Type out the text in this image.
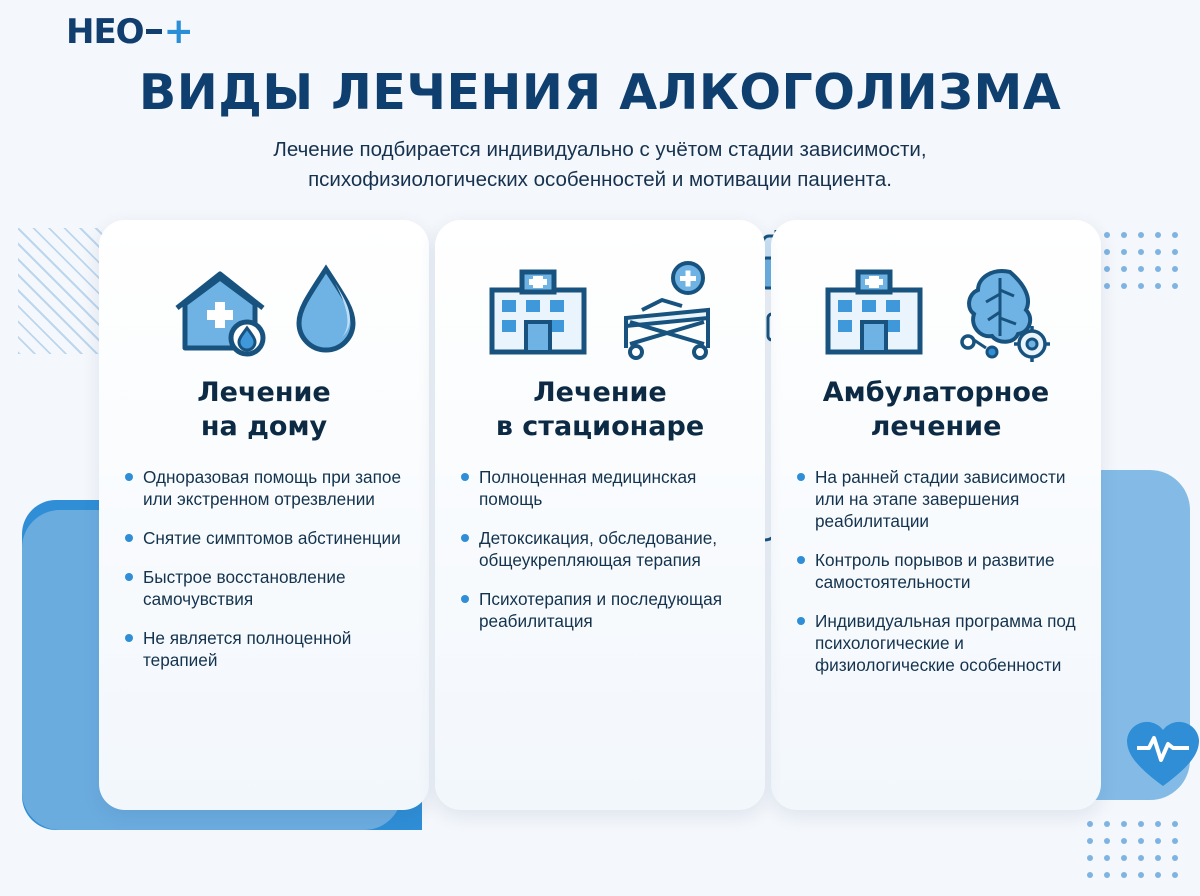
НЕО +
ВИДЫ ЛЕЧЕНИЯ АЛКОГОЛИЗМА
Лечение подбирается индивидуально с учётом стадии зависимости,
психофизиологических особенностей и мотивации пациента.
Лечение
на дому
Одноразовая помощь при запое или экстренном отрезвлении
Снятие симптомов абстиненции
Быстрое восстановление самочувствия
Не является полноценной терапией
Лечение
в стационаре
Полноценная медицинская помощь
Детоксикация, обследование, общеукрепляющая терапия
Психотерапия и последующая реабилитация
Амбулаторное
лечение
На ранней стадии зависимости или на этапе завершения реабилитации
Контроль порывов и развитие самостоятельности
Индивидуальная программа под психологические и физиологические особенности
